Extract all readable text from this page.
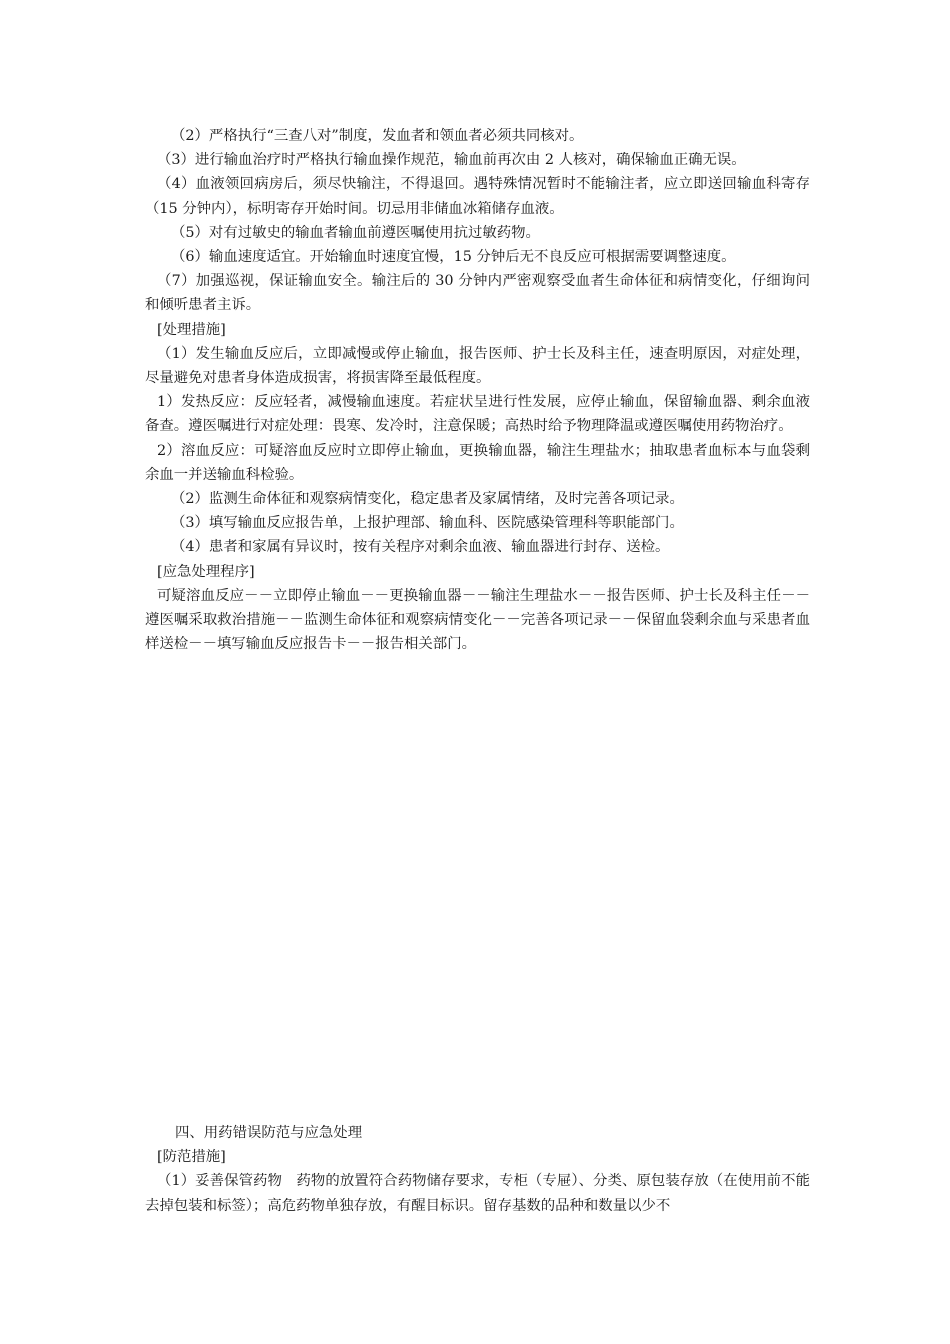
（2）严格执行“三查八对”制度，发血者和领血者必须共同核对。

（3）进行输血治疗时严格执行输血操作规范，输血前再次由 2 人核对，确保输血正确无误。

（4）血液领回病房后，须尽快输注，不得退回。遇特殊情况暂时不能输注者，应立即送回输血科寄存（15 分钟内），标明寄存开始时间。切忌用非储血冰箱储存血液。

（5）对有过敏史的输血者输血前遵医嘱使用抗过敏药物。

（6）输血速度适宜。开始输血时速度宜慢，15 分钟后无不良反应可根据需要调整速度。

（7）加强巡视，保证输血安全。输注后的 30 分钟内严密观察受血者生命体征和病情变化，仔细询问和倾听患者主诉。

[处理措施]

（1）发生输血反应后，立即减慢或停止输血，报告医师、护士长及科主任，速查明原因，对症处理，尽量避免对患者身体造成损害，将损害降至最低程度。

1）发热反应：反应轻者，减慢输血速度。若症状呈进行性发展，应停止输血，保留输血器、剩余血液备查。遵医嘱进行对症处理：畏寒、发冷时，注意保暖；高热时给予物理降温或遵医嘱使用药物治疗。

2）溶血反应：可疑溶血反应时立即停止输血，更换输血器，输注生理盐水；抽取患者血标本与血袋剩余血一并送输血科检验。

（2）监测生命体征和观察病情变化，稳定患者及家属情绪，及时完善各项记录。

（3）填写输血反应报告单，上报护理部、输血科、医院感染管理科等职能部门。

（4）患者和家属有异议时，按有关程序对剩余血液、输血器进行封存、送检。

[应急处理程序]

可疑溶血反应－－立即停止输血－－更换输血器－－输注生理盐水－－报告医师、护士长及科主任－－遵医嘱采取救治措施－－监测生命体征和观察病情变化－－完善各项记录－－保留血袋剩余血与采患者血样送检－－填写输血反应报告卡－－报告相关部门。

四、用药错误防范与应急处理

[防范措施]

（1）妥善保管药物　药物的放置符合药物储存要求，专柜（专屉）、分类、原包装存放（在使用前不能去掉包装和标签）；高危药物单独存放，有醒目标识。留存基数的品种和数量以少不
